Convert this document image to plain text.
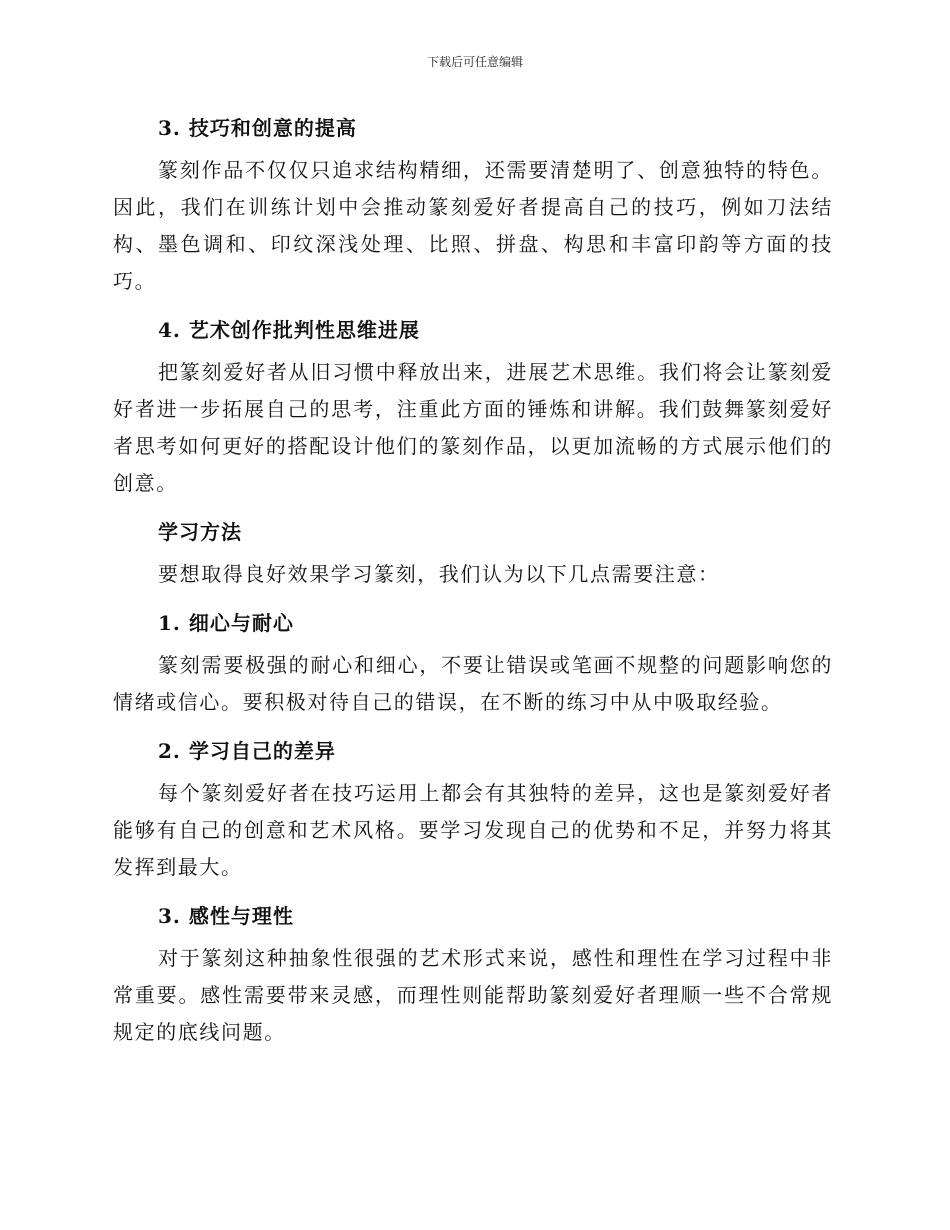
下载后可任意编辑
3. 技巧和创意的提高

篆刻作品不仅仅只追求结构精细，还需要清楚明了、创意独特的特色。因此，我们在训练计划中会推动篆刻爱好者提高自己的技巧，例如刀法结构、墨色调和、印纹深浅处理、比照、拼盘、构思和丰富印韵等方面的技巧。

4. 艺术创作批判性思维进展

把篆刻爱好者从旧习惯中释放出来，进展艺术思维。我们将会让篆刻爱好者进一步拓展自己的思考，注重此方面的锤炼和讲解。我们鼓舞篆刻爱好者思考如何更好的搭配设计他们的篆刻作品，以更加流畅的方式展示他们的创意。

学习方法

要想取得良好效果学习篆刻，我们认为以下几点需要注意：

1. 细心与耐心

篆刻需要极强的耐心和细心，不要让错误或笔画不规整的问题影响您的情绪或信心。要积极对待自己的错误，在不断的练习中从中吸取经验。

2. 学习自己的差异

每个篆刻爱好者在技巧运用上都会有其独特的差异，这也是篆刻爱好者能够有自己的创意和艺术风格。要学习发现自己的优势和不足，并努力将其发挥到最大。

3. 感性与理性

对于篆刻这种抽象性很强的艺术形式来说，感性和理性在学习过程中非常重要。感性需要带来灵感，而理性则能帮助篆刻爱好者理顺一些不合常规规定的底线问题。
